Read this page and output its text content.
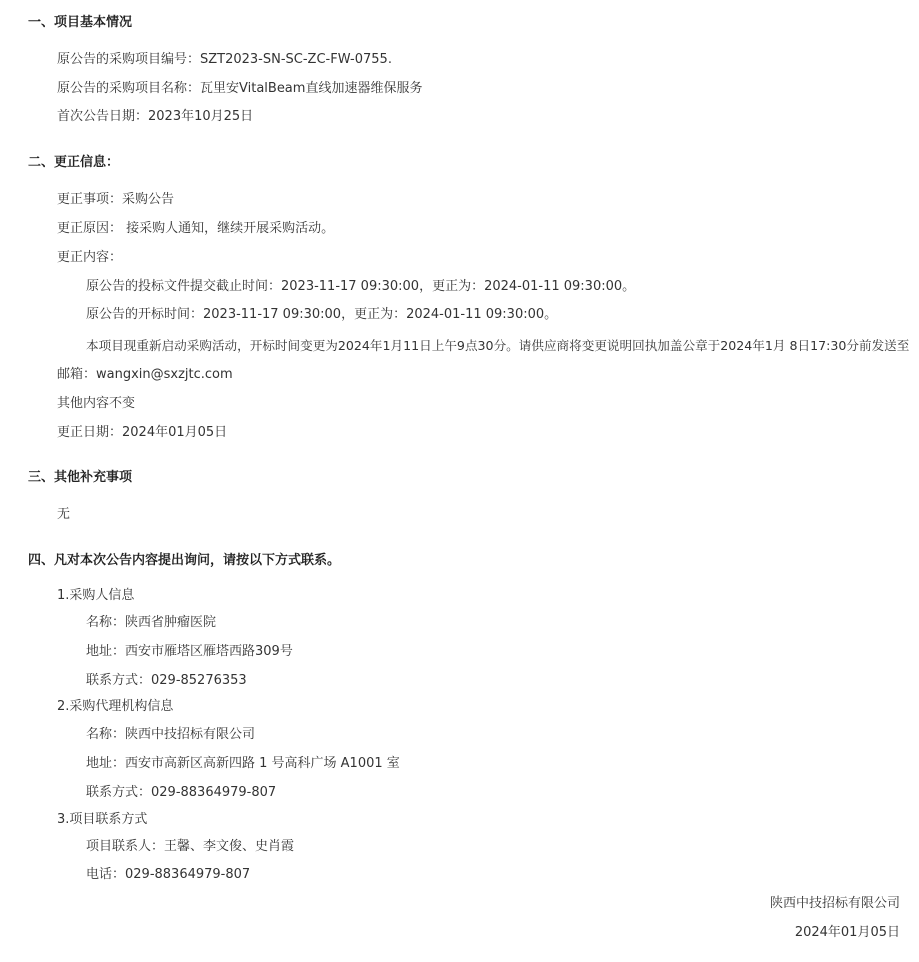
一、项目基本情况
原公告的采购项目编号：SZT2023-SN-SC-ZC-FW-0755.
原公告的采购项目名称：瓦里安VitalBeam直线加速器维保服务
首次公告日期：2023年10月25日
二、更正信息：
更正事项：采购公告
更正原因： 接采购人通知，继续开展采购活动。
更正内容：
原公告的投标文件提交截止时间：2023-11-17 09:30:00，更正为：2024-01-11 09:30:00。
原公告的开标时间：2023-11-17 09:30:00，更正为：2024-01-11 09:30:00。
本项目现重新启动采购活动，开标时间变更为2024年1月11日上午9点30分。请供应商将变更说明回执加盖公章于2024年1月 8日17:30分前发送至
邮箱：wangxin@sxzjtc.com
其他内容不变
更正日期：2024年01月05日
三、其他补充事项
无
四、凡对本次公告内容提出询问，请按以下方式联系。
1.采购人信息
名称：陕西省肿瘤医院
地址：西安市雁塔区雁塔西路309号
联系方式：029-85276353
2.采购代理机构信息
名称：陕西中技招标有限公司
地址：西安市高新区高新四路 1 号高科广场 A1001 室
联系方式：029-88364979-807
3.项目联系方式
项目联系人：王馨、李文俊、史肖霞
电话：029-88364979-807
陕西中技招标有限公司
2024年01月05日
